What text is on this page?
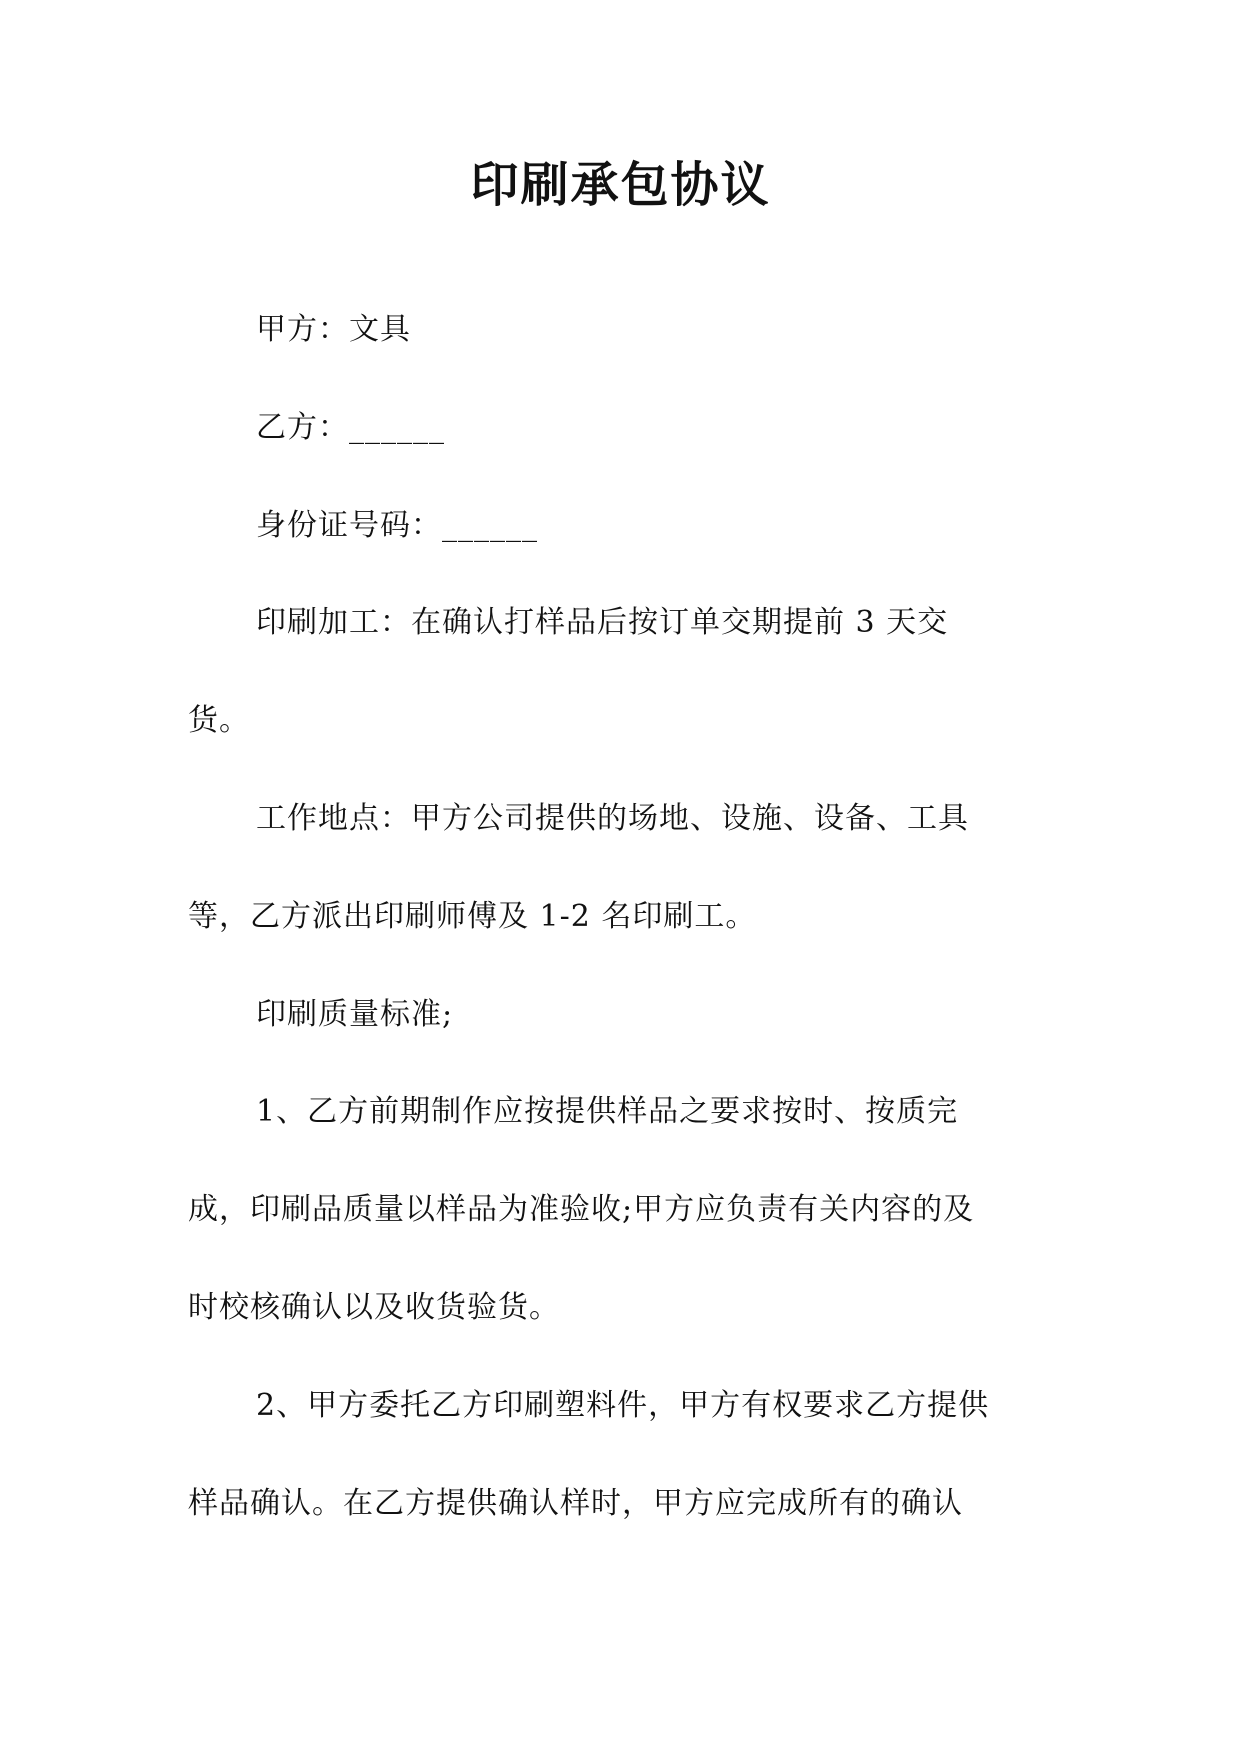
印刷承包协议
甲方：文具
乙方：______
身份证号码：______
印刷加工：在确认打样品后按订单交期提前 3 天交
货。
工作地点：甲方公司提供的场地、设施、设备、工具
等，乙方派出印刷师傅及 1-2 名印刷工。
印刷质量标准;
1、乙方前期制作应按提供样品之要求按时、按质完
成，印刷品质量以样品为准验收;甲方应负责有关内容的及
时校核确认以及收货验货。
2、甲方委托乙方印刷塑料件，甲方有权要求乙方提供
样品确认。在乙方提供确认样时，甲方应完成所有的确认
